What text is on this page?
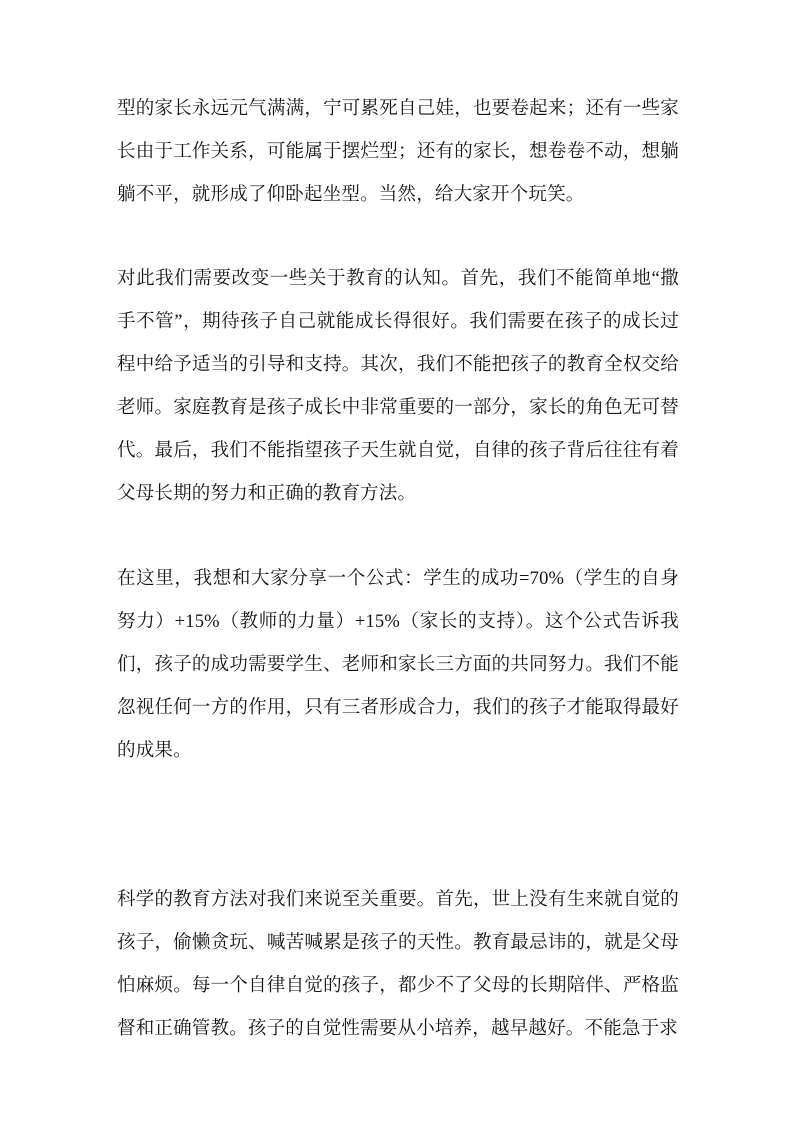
型的家长永远元气满满，宁可累死自己娃，也要卷起来；还有一些家长由于工作关系，可能属于摆烂型；还有的家长，想卷卷不动，想躺躺不平，就形成了仰卧起坐型。当然，给大家开个玩笑。

对此我们需要改变一些关于教育的认知。首先，我们不能简单地“撒手不管”，期待孩子自己就能成长得很好。我们需要在孩子的成长过程中给予适当的引导和支持。其次，我们不能把孩子的教育全权交给老师。家庭教育是孩子成长中非常重要的一部分，家长的角色无可替代。最后，我们不能指望孩子天生就自觉，自律的孩子背后往往有着父母长期的努力和正确的教育方法。

在这里，我想和大家分享一个公式：学生的成功=70%（学生的自身努力）+15%（教师的力量）+15%（家长的支持）。这个公式告诉我们，孩子的成功需要学生、老师和家长三方面的共同努力。我们不能忽视任何一方的作用，只有三者形成合力，我们的孩子才能取得最好的成果。

科学的教育方法对我们来说至关重要。首先，世上没有生来就自觉的孩子，偷懒贪玩、喊苦喊累是孩子的天性。教育最忌讳的，就是父母怕麻烦。每一个自律自觉的孩子，都少不了父母的长期陪伴、严格监督和正确管教。孩子的自觉性需要从小培养，越早越好。不能急于求
